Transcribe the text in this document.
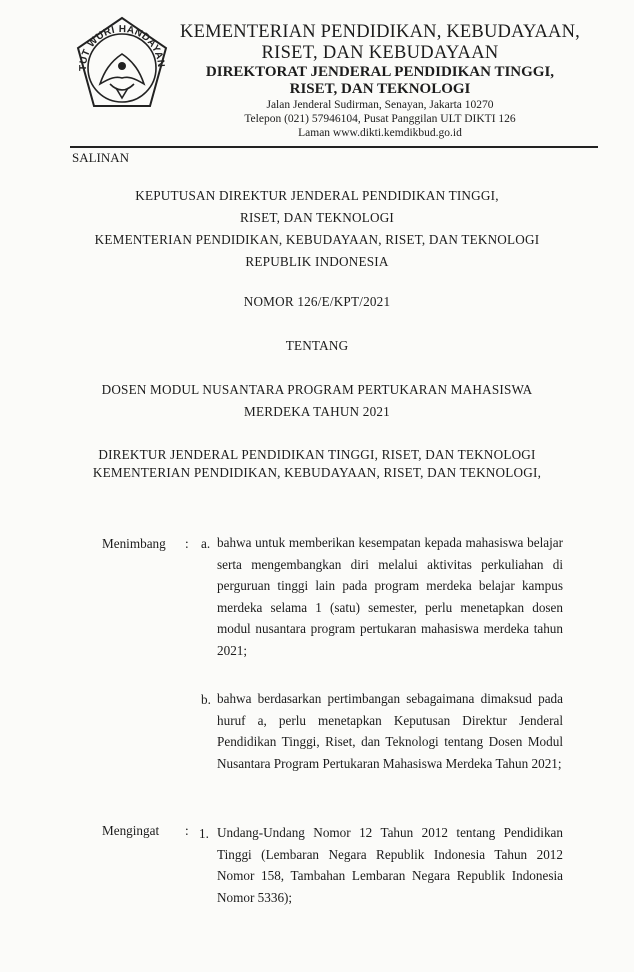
TUT WURI HANDAYAN
KEMENTERIAN PENDIDIKAN, KEBUDAYAAN,
RISET, DAN KEBUDAYAAN
DIREKTORAT JENDERAL PENDIDIKAN TINGGI,
RISET, DAN TEKNOLOGI
Jalan Jenderal Sudirman, Senayan, Jakarta 10270
Telepon (021) 57946104, Pusat Panggilan ULT DIKTI 126
Laman www.dikti.kemdikbud.go.id
SALINAN
KEPUTUSAN DIREKTUR JENDERAL PENDIDIKAN TINGGI,
RISET, DAN TEKNOLOGI
KEMENTERIAN PENDIDIKAN, KEBUDAYAAN, RISET, DAN TEKNOLOGI
REPUBLIK INDONESIA
NOMOR 126/E/KPT/2021
TENTANG
DOSEN MODUL NUSANTARA PROGRAM PERTUKARAN MAHASISWA
MERDEKA TAHUN 2021
DIREKTUR JENDERAL PENDIDIKAN TINGGI, RISET, DAN TEKNOLOGI
KEMENTERIAN PENDIDIKAN, KEBUDAYAAN, RISET, DAN TEKNOLOGI,
Menimbang : a. bahwa untuk memberikan kesempatan kepada mahasiswa belajar serta mengembangkan diri melalui aktivitas perkuliahan di perguruan tinggi lain pada program merdeka belajar kampus merdeka selama 1 (satu) semester, perlu menetapkan dosen modul nusantara program pertukaran mahasiswa merdeka tahun 2021;
b. bahwa berdasarkan pertimbangan sebagaimana dimaksud pada huruf a, perlu menetapkan Keputusan Direktur Jenderal Pendidikan Tinggi, Riset, dan Teknologi tentang Dosen Modul Nusantara Program Pertukaran Mahasiswa Merdeka Tahun 2021;
Mengingat : 1. Undang-Undang Nomor 12 Tahun 2012 tentang Pendidikan Tinggi (Lembaran Negara Republik Indonesia Tahun 2012 Nomor 158, Tambahan Lembaran Negara Republik Indonesia Nomor 5336);
